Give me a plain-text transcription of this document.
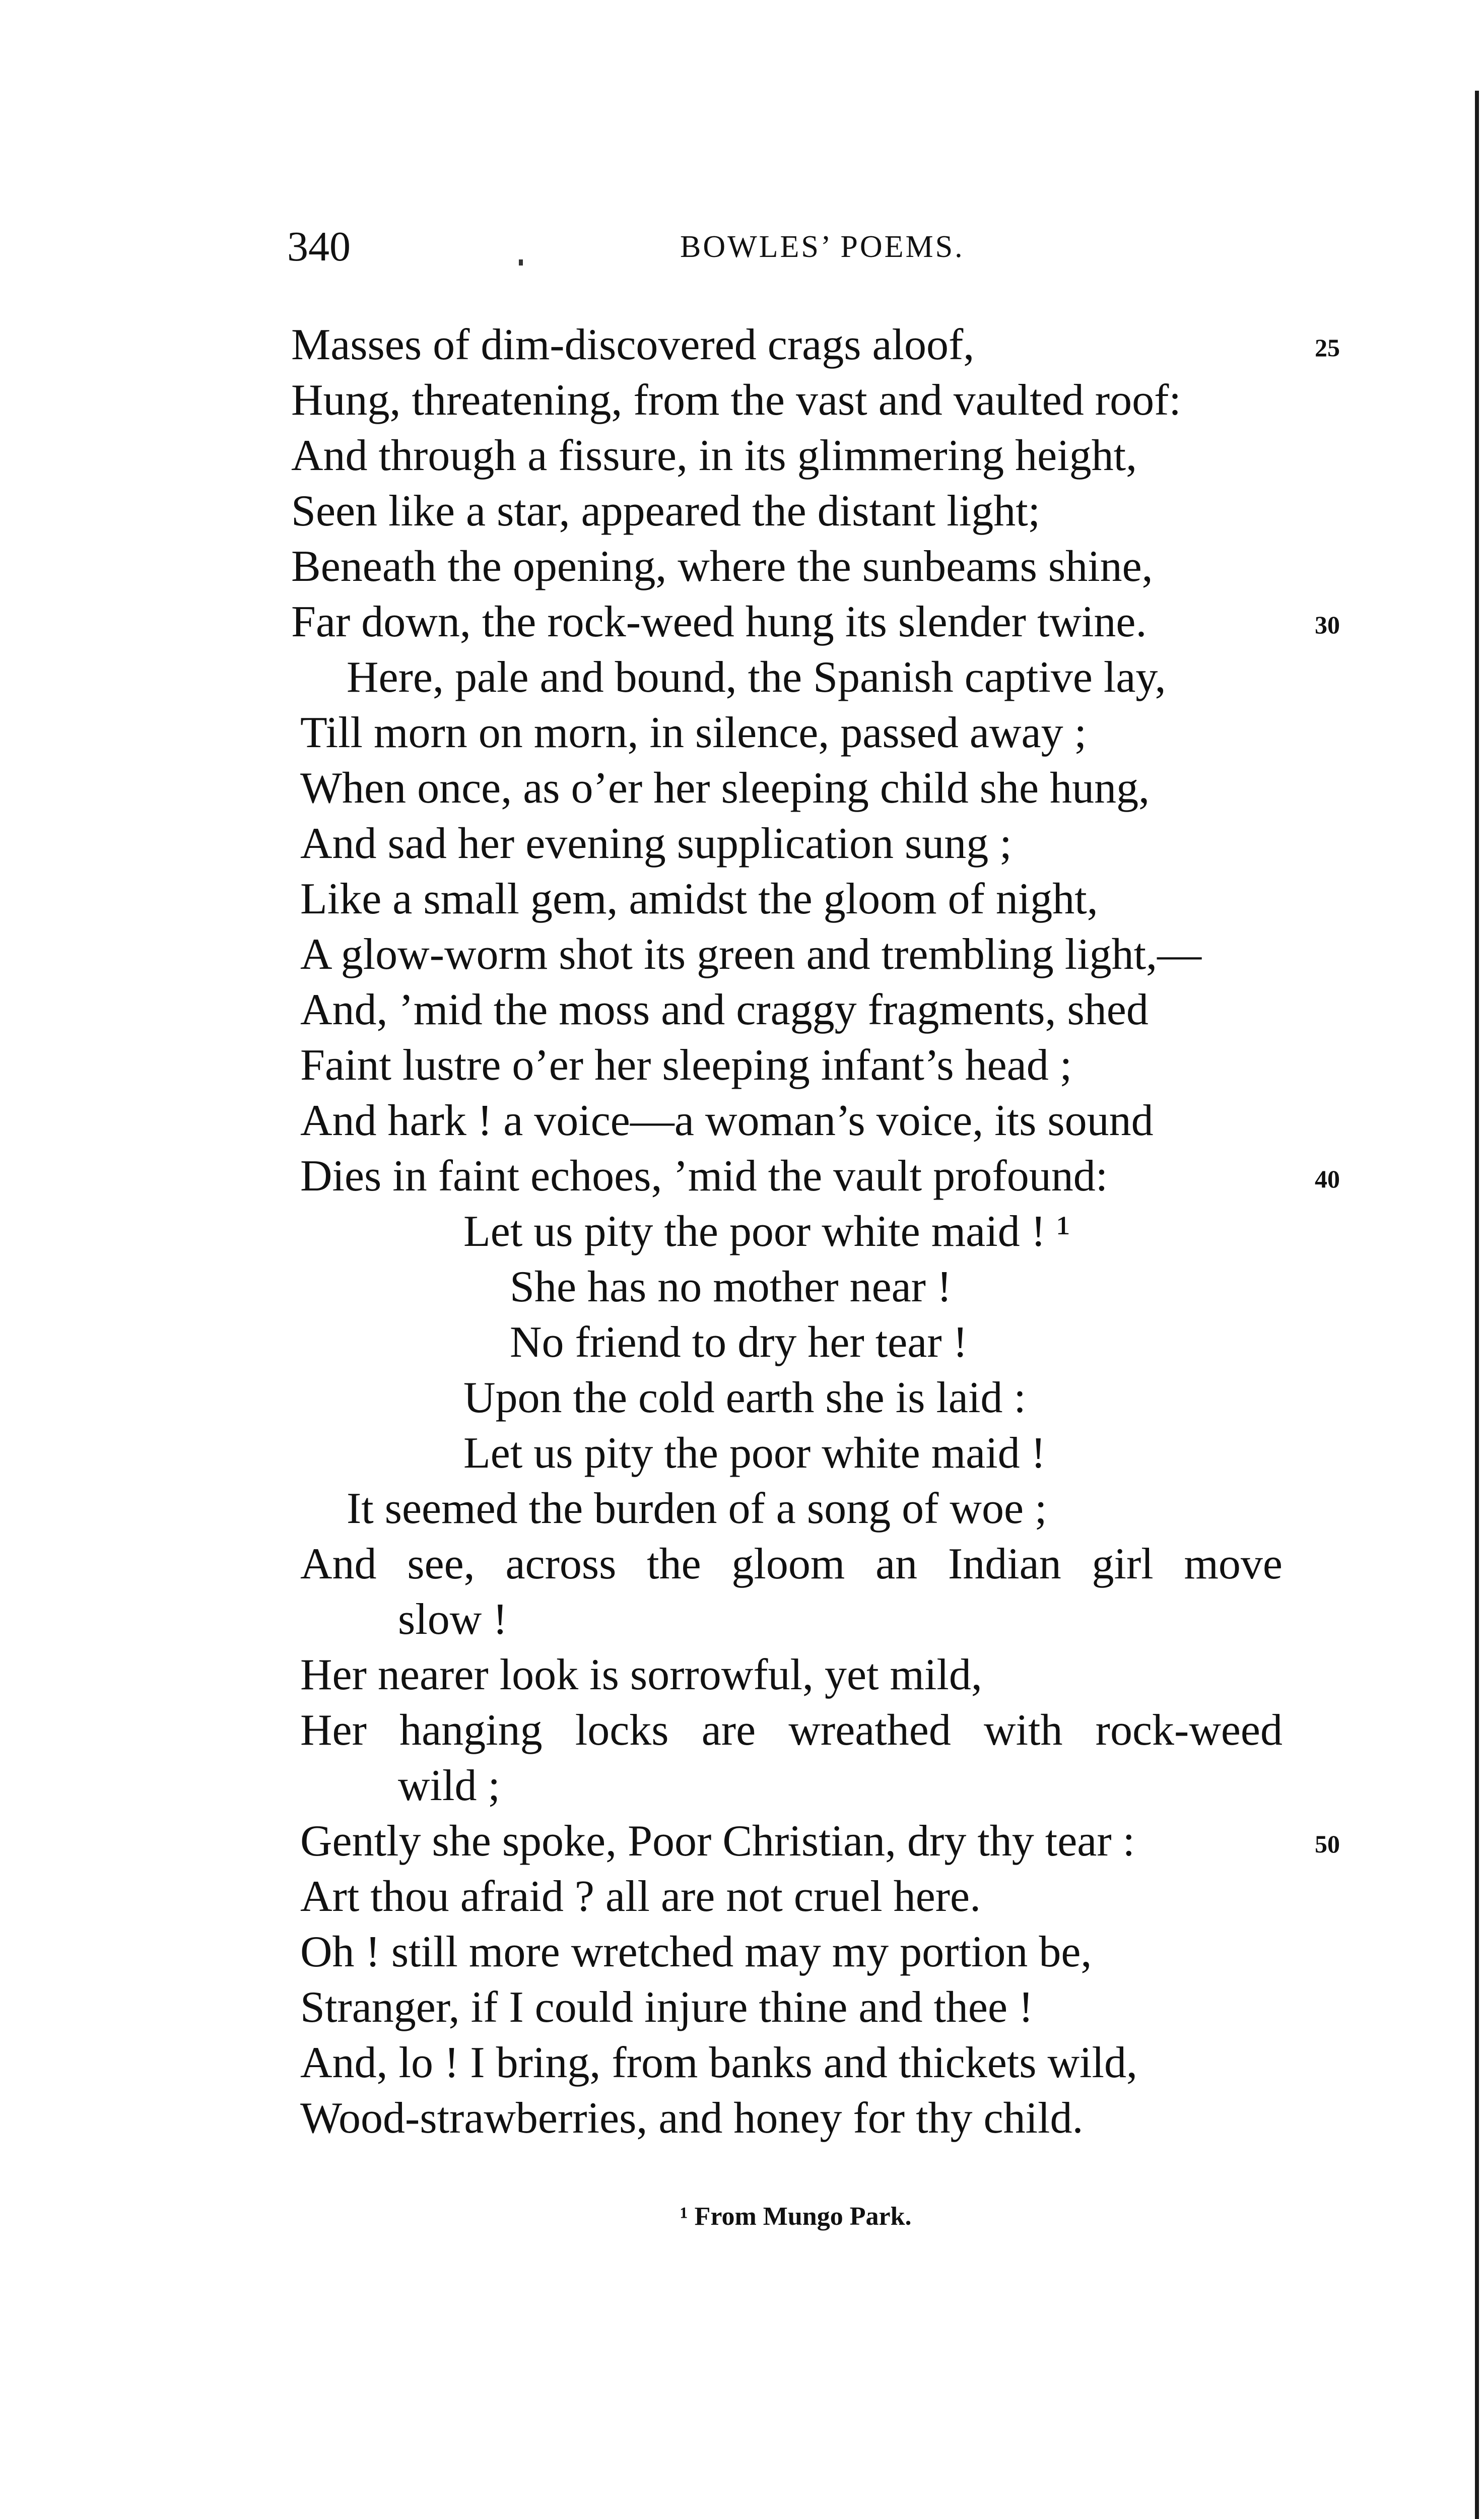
340	BOWLES’ POEMS.
Masses of dim-discovered crags aloof,	25
Hung, threatening, from the vast and vaulted roof:
And through a fissure, in its glimmering height,
Seen like a star, appeared the distant light;
Beneath the opening, where the sunbeams shine,
Far down, the rock-weed hung its slender twine.	30
Here, pale and bound, the Spanish captive lay,
Till morn on morn, in silence, passed away ;
When once, as o’er her sleeping child she hung,
And sad her evening supplication sung ;
Like a small gem, amidst the gloom of night,
A glow-worm shot its green and trembling light,—
And, ’mid the moss and craggy fragments, shed
Faint lustre o’er her sleeping infant’s head ;
And hark ! a voice—a woman’s voice, its sound
Dies in faint echoes, ’mid the vault profound:	40
Let us pity the poor white maid ! ¹
She has no mother near !
No friend to dry her tear !
Upon the cold earth she is laid :
Let us pity the poor white maid !
It seemed the burden of a song of woe ;
And see, across the gloom an Indian girl move
slow !
Her nearer look is sorrowful, yet mild,
Her hanging locks are wreathed with rock-weed
wild ;
Gently she spoke, Poor Christian, dry thy tear :	50
Art thou afraid ? all are not cruel here.
Oh ! still more wretched may my portion be,
Stranger, if I could injure thine and thee !
And, lo ! I bring, from banks and thickets wild,
Wood-strawberries, and honey for thy child.
¹ From Mungo Park.
